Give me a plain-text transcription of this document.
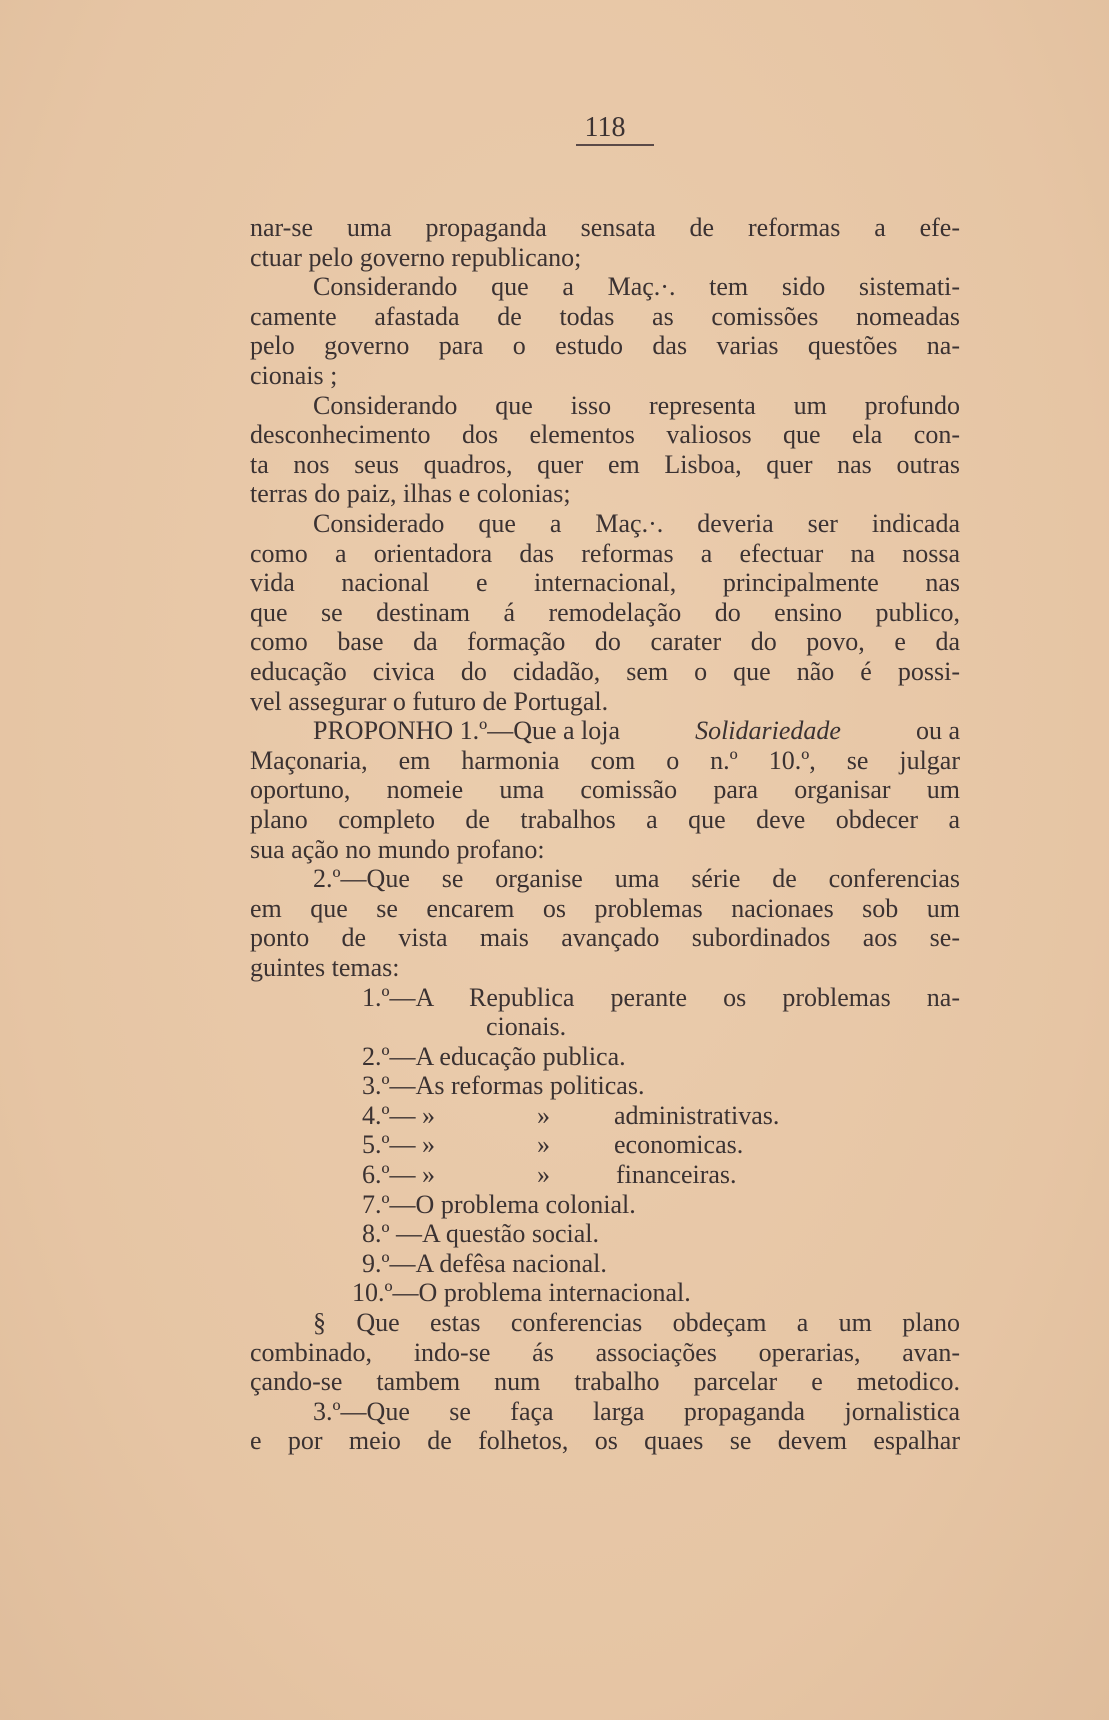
118
nar-se uma propaganda sensata de reformas a efe-
ctuar pelo governo republicano;
Considerando que a Maç.·. tem sido sistemati-
camente afastada de todas as comissões nomeadas
pelo governo para o estudo das varias questões na-
cionais ;
Considerando que isso representa um profundo
desconhecimento dos elementos valiosos que ela con-
ta nos seus quadros, quer em Lisboa, quer nas outras
terras do paiz, ilhas e colonias;
Considerado que a Maç.·. deveria ser indicada
como a orientadora das reformas a efectuar na nossa
vida nacional e internacional, principalmente nas
que se destinam á remodelação do ensino publico,
como base da formação do carater do povo, e da
educação civica do cidadão, sem o que não é possi-
vel assegurar o futuro de Portugal.
PROPONHO 1.º—Que a loja	Solidariedade	ou a
Maçonaria, em harmonia com o n.º 10.º, se julgar
oportuno, nomeie uma comissão para organisar um
plano completo de trabalhos a que deve obdecer a
sua ação no mundo profano:
2.º—Que se organise uma série de conferencias
em que se encarem os problemas nacionaes sob um
ponto de vista mais avançado subordinados aos se-
guintes temas:
1.º—A Republica perante os problemas na-
cionais.
2.º—A educação publica.
3.º—As reformas politicas.
4.º— »	» administrativas.
5.º— »	» economicas.
6.º— »	»	financeiras.
7.º—O problema colonial.
8.º —A questão social.
9.º—A defêsa nacional.
10.º—O problema internacional.
§ Que estas conferencias obdeçam a um plano
combinado, indo-se ás associações operarias, avan-
çando-se tambem num trabalho parcelar e metodico.
3.º—Que se faça larga propaganda jornalistica
e por meio de folhetos, os quaes se devem espalhar
